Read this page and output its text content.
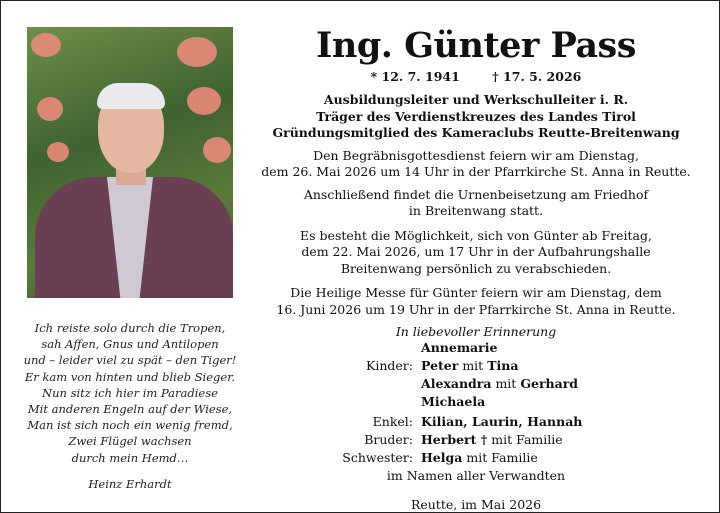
Ich reiste solo durch die Tropen,
sah Affen, Gnus und Antilopen
und – leider viel zu spät – den Tiger!
Er kam von hinten und blieb Sieger.
Nun sitz ich hier im Paradiese
Mit anderen Engeln auf der Wiese,
Man ist sich noch ein wenig fremd,
Zwei Flügel wachsen
durch mein Hemd…
Heinz Erhardt
Ing. Günter Pass
* 12. 7. 1941	† 17. 5. 2026
Ausbildungsleiter und Werkschulleiter i. R.
Träger des Verdienstkreuzes des Landes Tirol
Gründungsmitglied des Kameraclubs Reutte-Breitenwang
Den Begräbnisgottesdienst feiern wir am Dienstag,
dem 26. Mai 2026 um 14 Uhr in der Pfarrkirche St. Anna in Reutte.
Anschließend findet die Urnenbeisetzung am Friedhof
in Breitenwang statt.
Es besteht die Möglichkeit, sich von Günter ab Freitag,
dem 22. Mai 2026, um 17 Uhr in der Aufbahrungshalle
Breitenwang persönlich zu verabschieden.
Die Heilige Messe für Günter feiern wir am Dienstag, dem
16. Juni 2026 um 19 Uhr in der Pfarrkirche St. Anna in Reutte.
In liebevoller Erinnerung
Annemarie
Kinder: Peter mit Tina
Alexandra mit Gerhard
Michaela
Enkel: Kilian, Laurin, Hannah
Bruder: Herbert † mit Familie
Schwester: Helga mit Familie
im Namen aller Verwandten
Reutte, im Mai 2026
